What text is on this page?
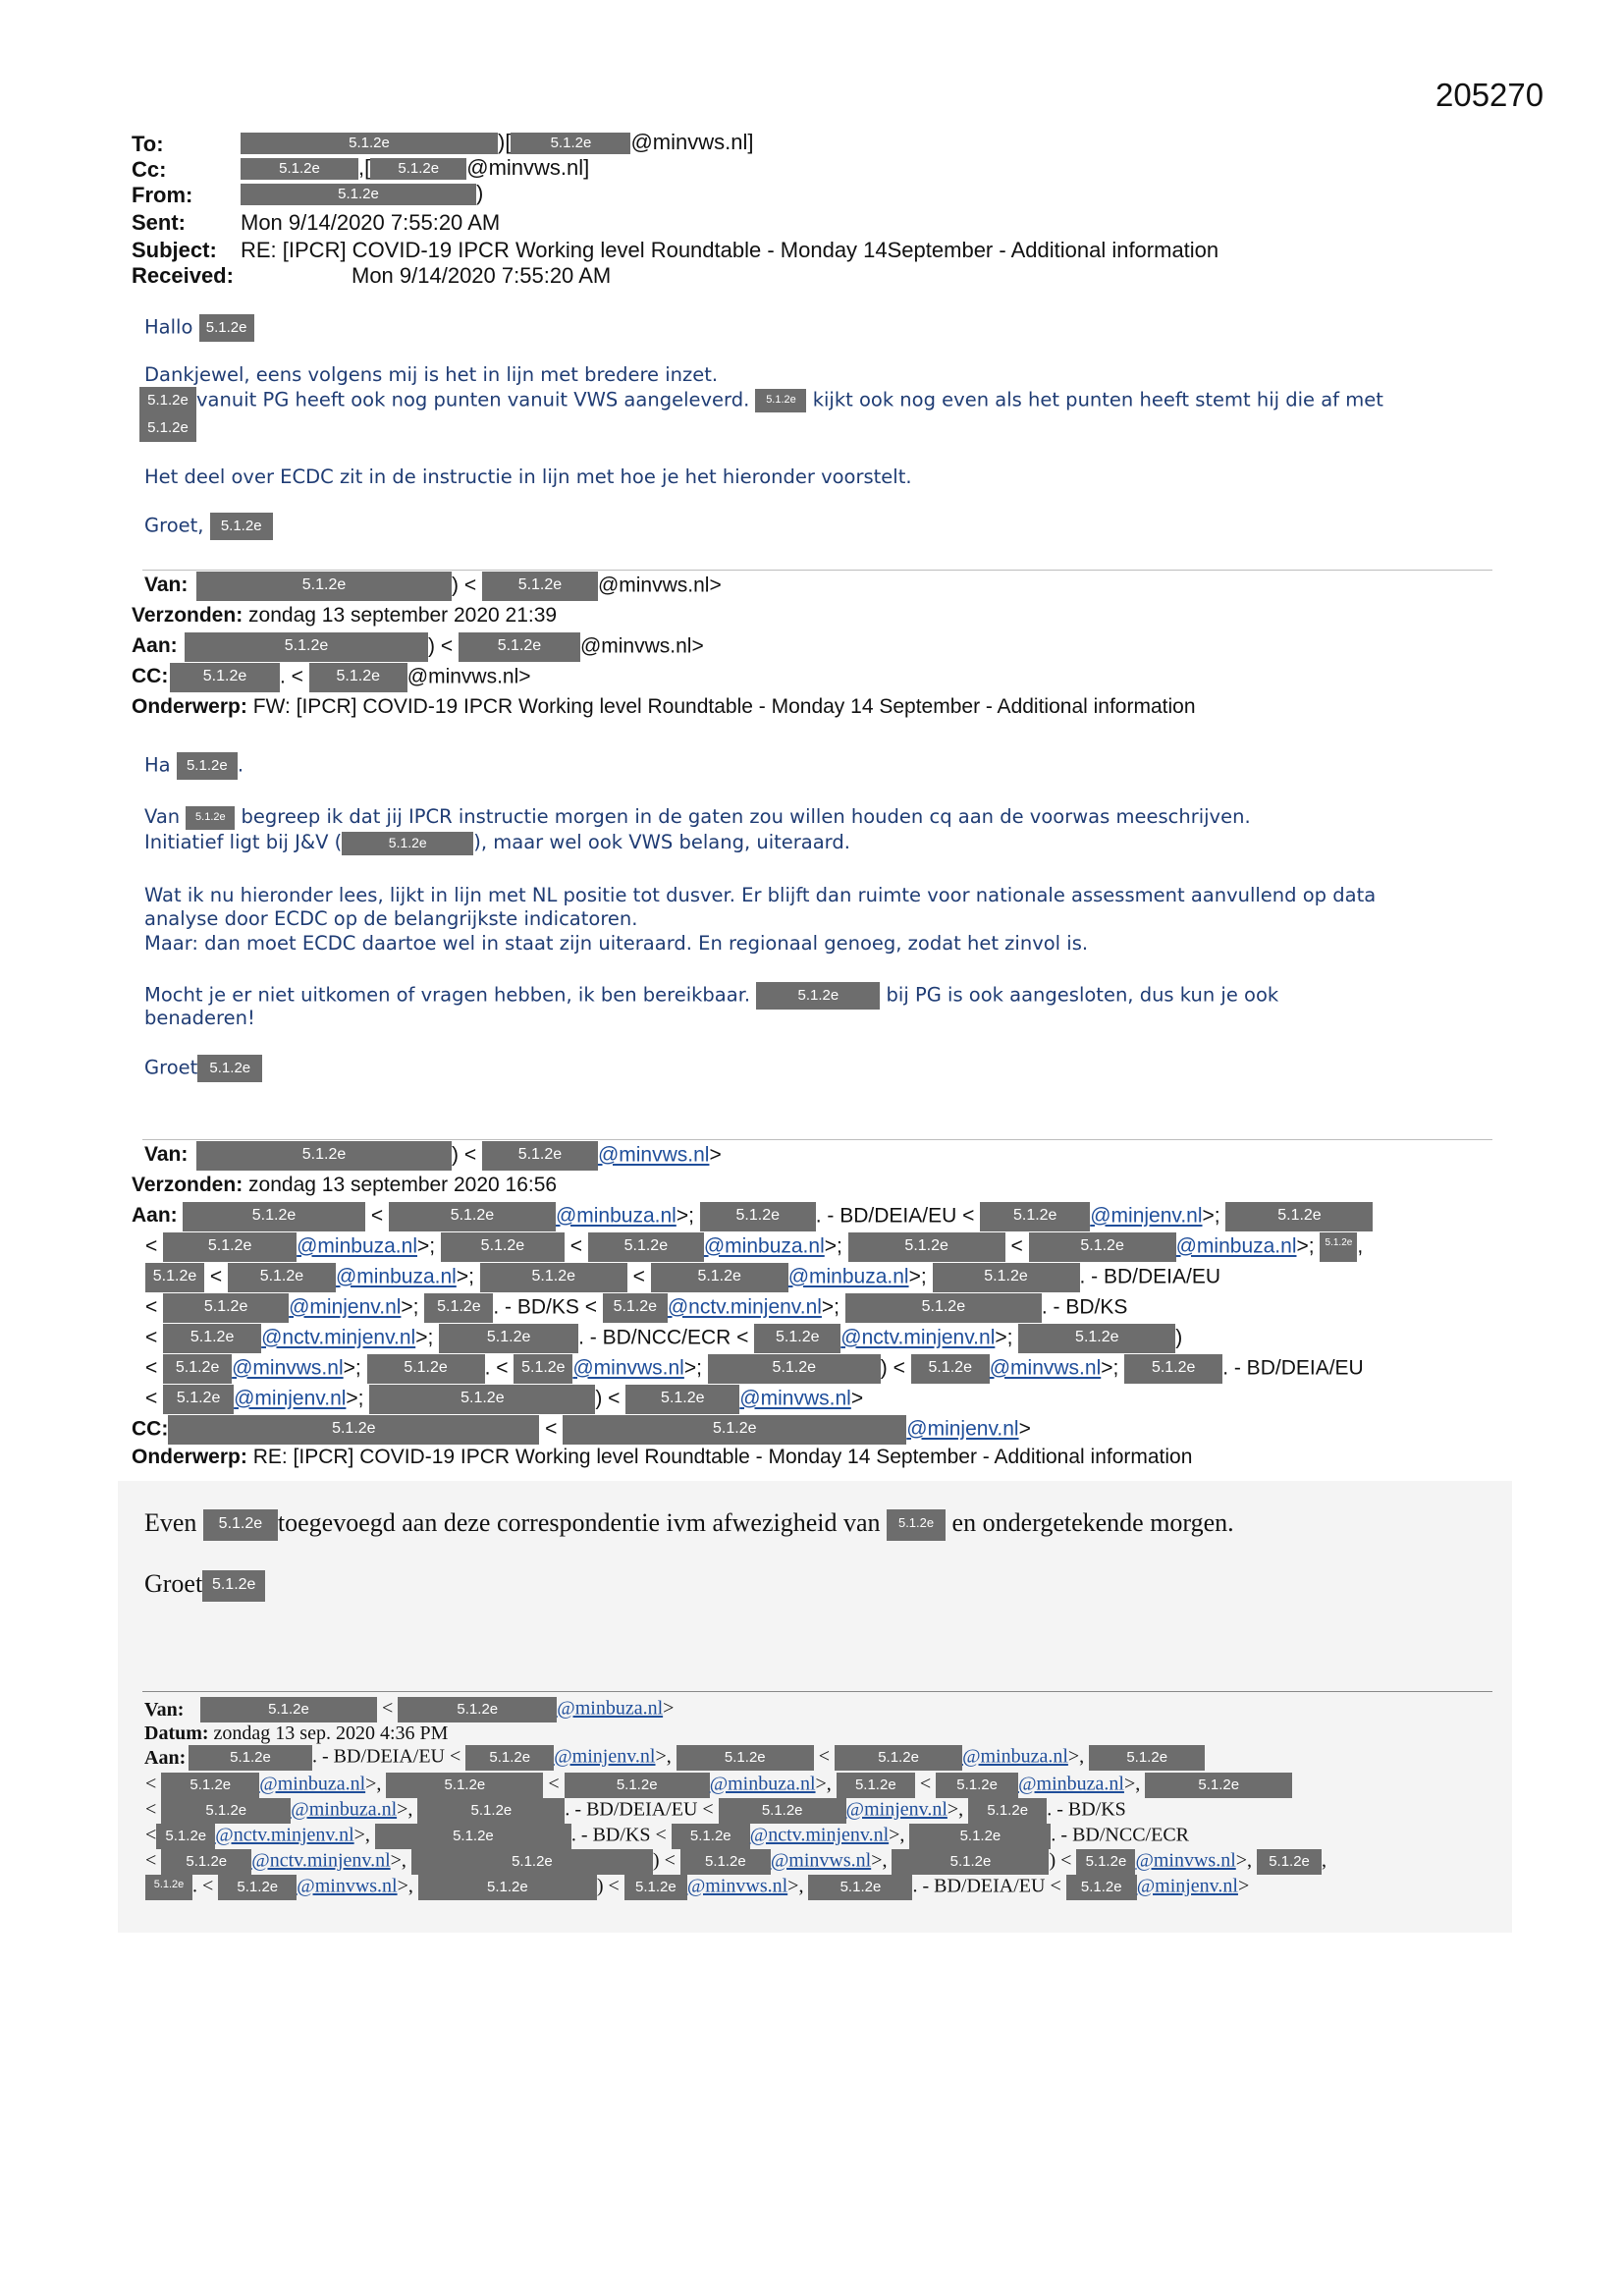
205270
To:	5.1.2e	)[	5.1.2e @minvws.nl]
Cc:	5.1.2e ,[ 5.1.2e @minvws.nl]
From:	5.1.2e	)
Sent:	Mon 9/14/2020 7:55:20 AM
Subject: RE: [IPCR] COVID-19 IPCR Working level Roundtable - Monday 14September - Additional information
Received:	Mon 9/14/2020 7:55:20 AM
Hallo 5.1.2e
Dankjewel, eens volgens mij is het in lijn met bredere inzet.
5.1.2e vanuit PG heeft ook nog punten vanuit VWS aangeleverd. 5.1.2e kijkt ook nog even als het punten heeft stemt hij die af met
5.1.2e
Het deel over ECDC zit in de instructie in lijn met hoe je het hieronder voorstelt.
Groet, 5.1.2e
Van:	5.1.2e	) < 5.1.2e @minvws.nl>
Verzonden: zondag 13 september 2020 21:39
Aan:	5.1.2e	) < 5.1.2e @minvws.nl>
CC:	5.1.2e . < 5.1.2e @minvws.nl>
Onderwerp: FW: [IPCR] COVID-19 IPCR Working level Roundtable - Monday 14 September - Additional information
Ha 5.1.2e .
Van 5.1.2e begreep ik dat jij IPCR instructie morgen in de gaten zou willen houden cq aan de voorwas meeschrijven.
Initiatief ligt bij J&V (	5.1.2e ), maar wel ook VWS belang, uiteraard.
Wat ik nu hieronder lees, lijkt in lijn met NL positie tot dusver. Er blijft dan ruimte voor nationale assessment aanvullend op data
analyse door ECDC op de belangrijkste indicatoren.
Maar: dan moet ECDC daartoe wel in staat zijn uiteraard. En regionaal genoeg, zodat het zinvol is.
Mocht je er niet uitkomen of vragen hebben, ik ben bereikbaar.	5.1.2e bij PG is ook aangesloten, dus kun je ook
benaderen!
Groet 5.1.2e
Van:	5.1.2e	) < 5.1.2e @minvws.nl>
Verzonden: zondag 13 september 2020 16:56
Aan:	5.1.2e	<	5.1.2e	@minbuza.nl>; 5.1.2e . - BD/DEIA/EU < 5.1.2e @minjenv.nl>;	5.1.2e
<	5.1.2e @minbuza.nl>;	5.1.2e < 5.1.2e @minbuza.nl>;	5.1.2e	<	5.1.2e	@minbuza.nl>; 5.1.2e ,
5.1.2e < 5.1.2e @minbuza.nl>;	5.1.2e	<	5.1.2e @minbuza.nl>;	5.1.2e	. - BD/DEIA/EU
<	5.1.2e @minjenv.nl>; 5.1.2e . - BD/KS < 5.1.2e @nctv.minjenv.nl>;	5.1.2e	. - BD/KS
< 5.1.2e @nctv.minjenv.nl>;	5.1.2e . - BD/NCC/ECR < 5.1.2e @nctv.minjenv.nl>;	5.1.2e	)
< 5.1.2e @minvws.nl>; 5.1.2e . < 5.1.2e @minvws.nl>;	5.1.2e	) < 5.1.2e @minvws.nl>; 5.1.2e . - BD/DEIA/EU
< 5.1.2e @minjenv.nl>;	5.1.2e	) < 5.1.2e @minvws.nl>
CC:	5.1.2e	<	5.1.2e	@minjenv.nl>
Onderwerp: RE: [IPCR] COVID-19 IPCR Working level Roundtable - Monday 14 September - Additional information
Even 5.1.2e toegevoegd aan deze correspondentie ivm afwezigheid van 5.1.2e en ondergetekende morgen.
Groet 5.1.2e
Van:	5.1.2e	<	5.1.2e	@minbuza.nl>
Datum: zondag 13 sep. 2020 4:36 PM
Aan:	5.1.2e . - BD/DEIA/EU < 5.1.2e @minjenv.nl>,	5.1.2e <	5.1.2e @minbuza.nl>,	5.1.2e
< 5.1.2e @minbuza.nl>,	5.1.2e	<	5.1.2e	@minbuza.nl>, 5.1.2e < 5.1.2e @minbuza.nl>,	5.1.2e
<	5.1.2e @minbuza.nl>,	5.1.2e	. - BD/DEIA/EU <	5.1.2e @minjenv.nl>, 5.1.2e . - BD/KS
< 5.1.2e @nctv.minjenv.nl>,	5.1.2e	. - BD/KS < 5.1.2e @nctv.minjenv.nl>,	5.1.2e	. - BD/NCC/ECR
< 5.1.2e @nctv.minjenv.nl>,	5.1.2e	) < 5.1.2e @minvws.nl>,	5.1.2e	) < 5.1.2e @minvws.nl>, 5.1.2e ,
5.1.2e . < 5.1.2e @minvws.nl>,	5.1.2e	) < 5.1.2e @minvws.nl>, 5.1.2e . - BD/DEIA/EU < 5.1.2e @minjenv.nl>
